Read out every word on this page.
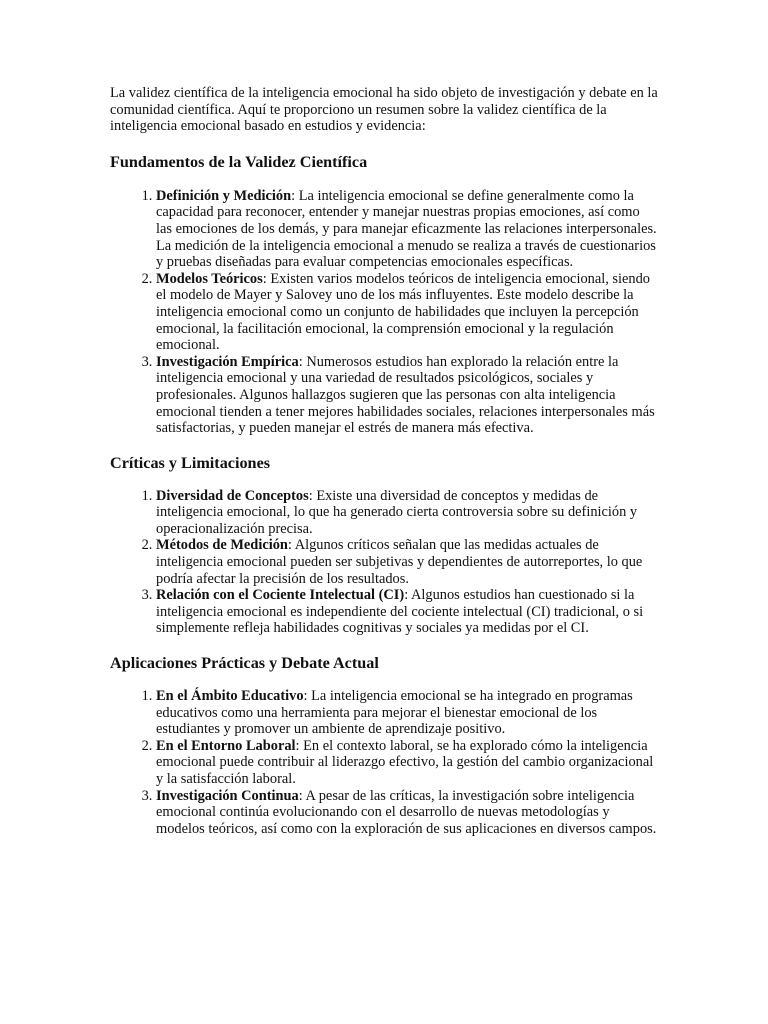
La validez científica de la inteligencia emocional ha sido objeto de investigación y debate en la comunidad científica. Aquí te proporciono un resumen sobre la validez científica de la inteligencia emocional basado en estudios y evidencia:

Fundamentos de la Validez Científica
1. Definición y Medición: La inteligencia emocional se define generalmente como la capacidad para reconocer, entender y manejar nuestras propias emociones, así como las emociones de los demás, y para manejar eficazmente las relaciones interpersonales. La medición de la inteligencia emocional a menudo se realiza a través de cuestionarios y pruebas diseñadas para evaluar competencias emocionales específicas.
2. Modelos Teóricos: Existen varios modelos teóricos de inteligencia emocional, siendo el modelo de Mayer y Salovey uno de los más influyentes. Este modelo describe la inteligencia emocional como un conjunto de habilidades que incluyen la percepción emocional, la facilitación emocional, la comprensión emocional y la regulación emocional.
3. Investigación Empírica: Numerosos estudios han explorado la relación entre la inteligencia emocional y una variedad de resultados psicológicos, sociales y profesionales. Algunos hallazgos sugieren que las personas con alta inteligencia emocional tienden a tener mejores habilidades sociales, relaciones interpersonales más satisfactorias, y pueden manejar el estrés de manera más efectiva.
Críticas y Limitaciones
1. Diversidad de Conceptos: Existe una diversidad de conceptos y medidas de inteligencia emocional, lo que ha generado cierta controversia sobre su definición y operacionalización precisa.
2. Métodos de Medición: Algunos críticos señalan que las medidas actuales de inteligencia emocional pueden ser subjetivas y dependientes de autorreportes, lo que podría afectar la precisión de los resultados.
3. Relación con el Cociente Intelectual (CI): Algunos estudios han cuestionado si la inteligencia emocional es independiente del cociente intelectual (CI) tradicional, o si simplemente refleja habilidades cognitivas y sociales ya medidas por el CI.
Aplicaciones Prácticas y Debate Actual
1. En el Ámbito Educativo: La inteligencia emocional se ha integrado en programas educativos como una herramienta para mejorar el bienestar emocional de los estudiantes y promover un ambiente de aprendizaje positivo.
2. En el Entorno Laboral: En el contexto laboral, se ha explorado cómo la inteligencia emocional puede contribuir al liderazgo efectivo, la gestión del cambio organizacional y la satisfacción laboral.
3. Investigación Continua: A pesar de las críticas, la investigación sobre inteligencia emocional continúa evolucionando con el desarrollo de nuevas metodologías y modelos teóricos, así como con la exploración de sus aplicaciones en diversos campos.
